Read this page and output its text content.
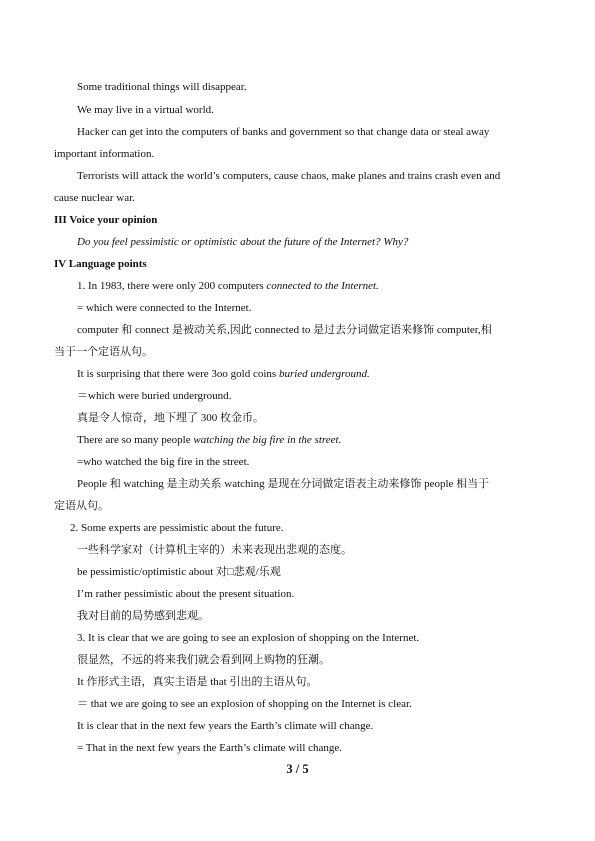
Some traditional things will disappear.
We may live in a virtual world.
Hacker can get into the computers of banks and government so that change data or steal away
important information.
Terrorists will attack the world’s computers, cause chaos, make planes and trains crash even and
cause nuclear war.
III Voice your opinion
Do you feel pessimistic or optimistic about the future of the Internet? Why?
IV Language points
1. In 1983, there were only 200 computers connected to the Internet.
= which were connected to the Internet.
computer 和 connect 是被动关系,因此 connected to 是过去分词做定语来修饰 computer,相
当于一个定语从句。
It is surprising that there were 3oo gold coins buried underground.
＝which were buried underground.
真是令人惊奇，地下埋了 300 枚金币。
There are so many people watching the big fire in the street.
=who watched the big fire in the street.
People 和 watching 是主动关系 watching 是现在分词做定语表主动来修饰 people 相当于
定语从句。
2. Some experts are pessimistic about the future.
一些科学家对（计算机主宰的）未来表现出悲观的态度。
be pessimistic/optimistic about 对□悲观/乐观
I’m rather pessimistic about the present situation.
我对目前的局势感到悲观。
3. It is clear that we are going to see an explosion of shopping on the Internet.
很显然，不远的将来我们就会看到网上购物的狂潮。
It 作形式主语，真实主语是 that 引出的主语从句。
＝ that we are going to see an explosion of shopping on the Internet is clear.
It is clear that in the next few years the Earth’s climate will change.
= That in the next few years the Earth’s climate will change.
3 / 5
